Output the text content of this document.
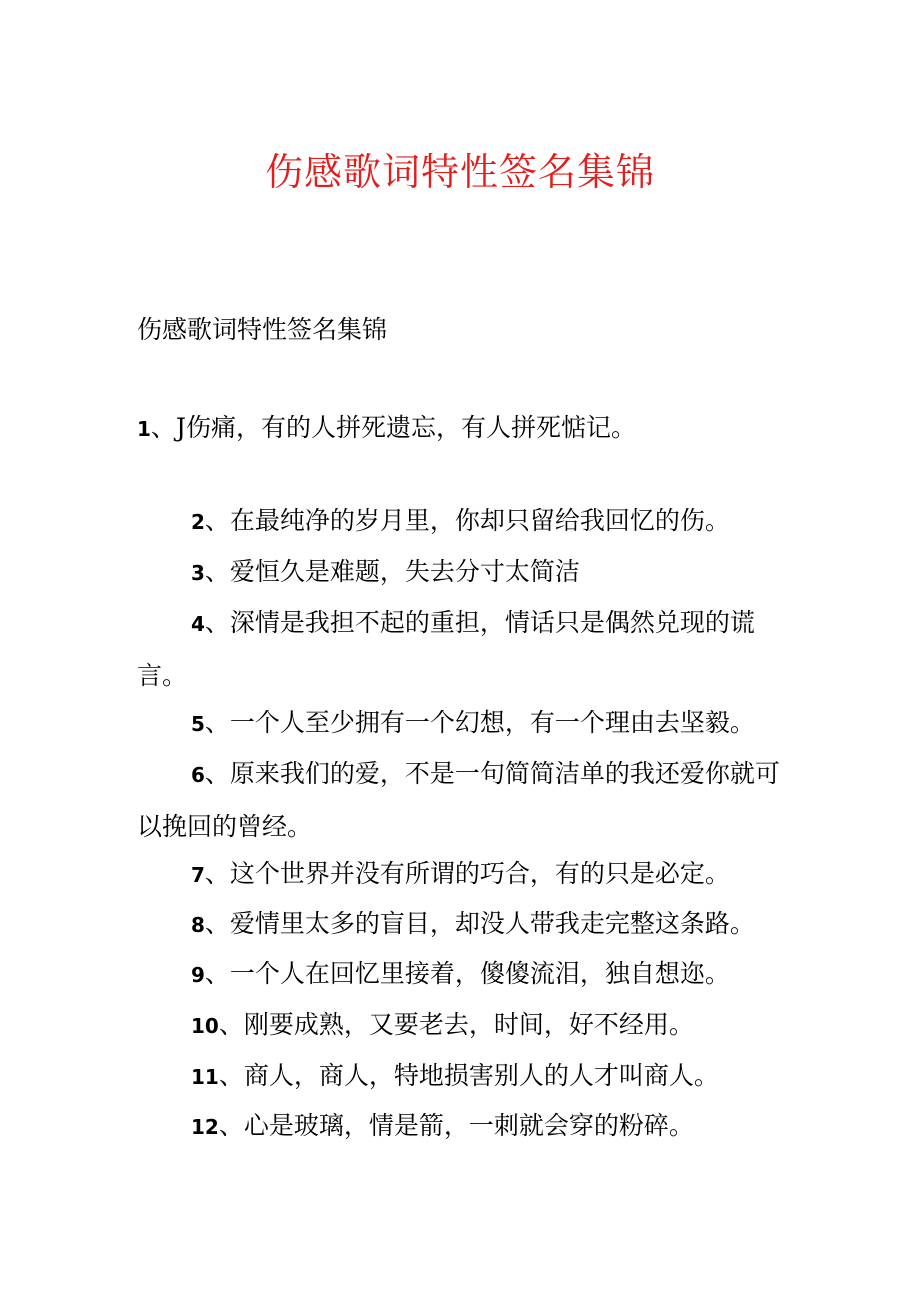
伤感歌词特性签名集锦
伤感歌词特性签名集锦

1、J伤痛，有的人拼死遗忘，有人拼死惦记。

2、在最纯净的岁月里，你却只留给我回忆的伤。

3、爱恒久是难题，失去分寸太简洁

4、深情是我担不起的重担，情话只是偶然兑现的谎言。

5、一个人至少拥有一个幻想，有一个理由去坚毅。

6、原来我们的爱，不是一句简简洁单的我还爱你就可以挽回的曾经。

7、这个世界并没有所谓的巧合，有的只是必定。

8、爱情里太多的盲目，却没人带我走完整这条路。

9、一个人在回忆里接着，傻傻流泪，独自想迩。

10、刚要成熟，又要老去，时间，好不经用。

11、商人，商人，特地损害别人的人才叫商人。

12、心是玻璃，情是箭，一刺就会穿的粉碎。
